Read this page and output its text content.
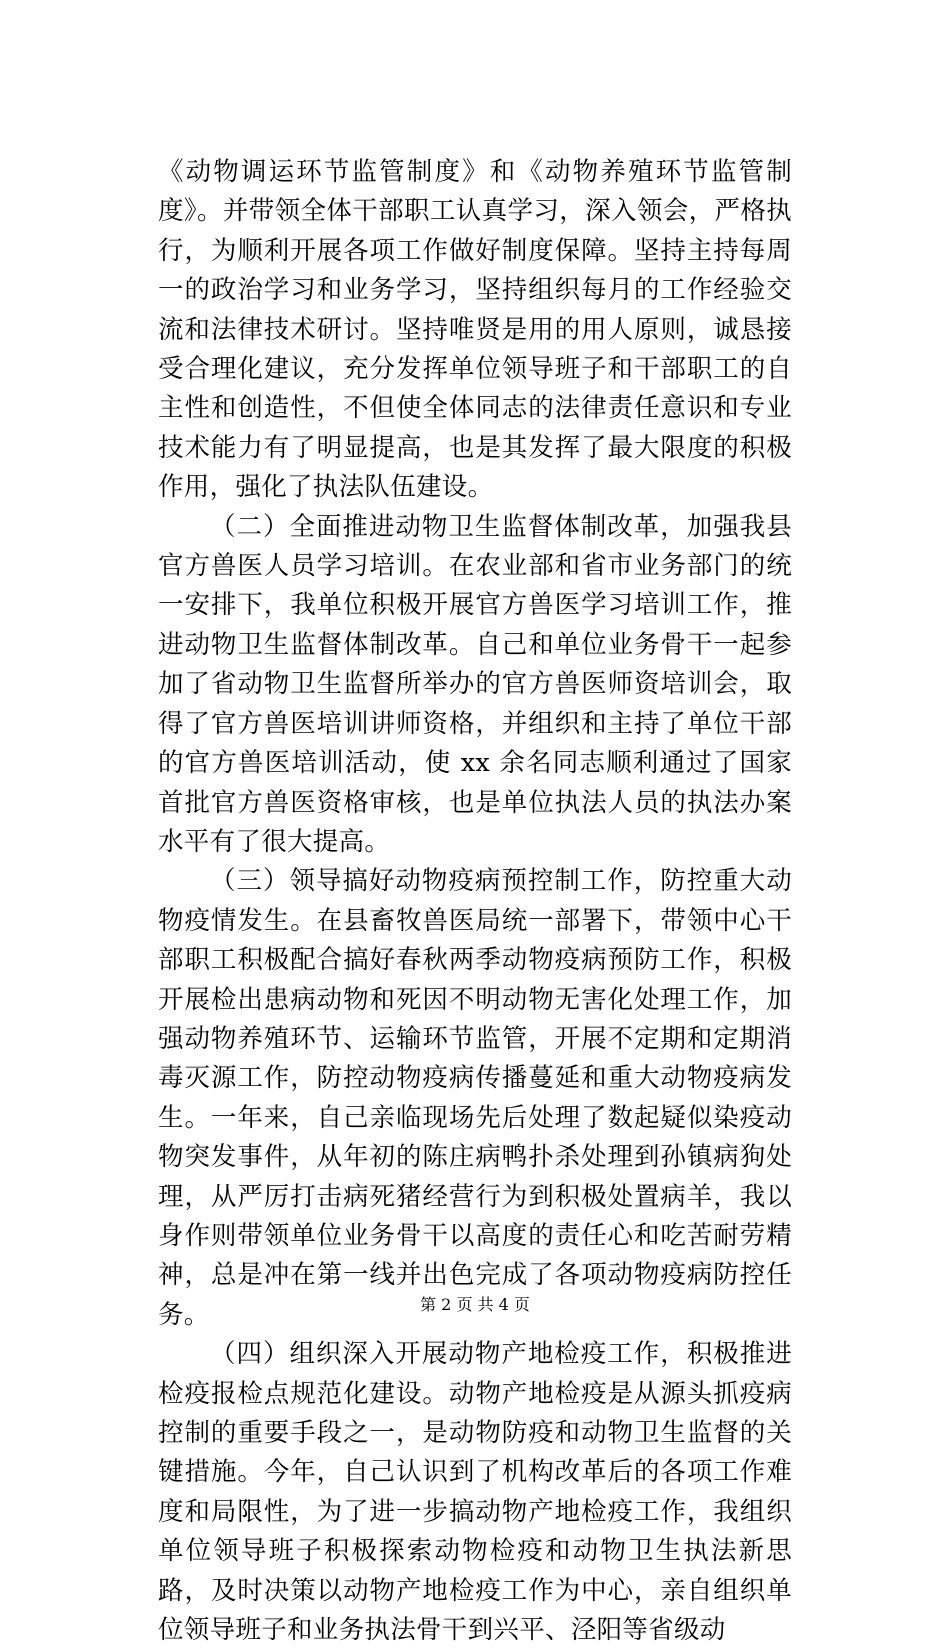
《动物调运环节监管制度》和《动物养殖环节监管制度》。并带领全体干部职工认真学习，深入领会，严格执行，为顺利开展各项工作做好制度保障。坚持主持每周一的政治学习和业务学习，坚持组织每月的工作经验交流和法律技术研讨。坚持唯贤是用的用人原则，诚恳接受合理化建议，充分发挥单位领导班子和干部职工的自主性和创造性，不但使全体同志的法律责任意识和专业技术能力有了明显提高，也是其发挥了最大限度的积极作用，强化了执法队伍建设。

（二）全面推进动物卫生监督体制改革，加强我县官方兽医人员学习培训。在农业部和省市业务部门的统一安排下，我单位积极开展官方兽医学习培训工作，推进动物卫生监督体制改革。自己和单位业务骨干一起参加了省动物卫生监督所举办的官方兽医师资培训会，取得了官方兽医培训讲师资格，并组织和主持了单位干部的官方兽医培训活动，使 xx 余名同志顺利通过了国家首批官方兽医资格审核，也是单位执法人员的执法办案水平有了很大提高。

（三）领导搞好动物疫病预控制工作，防控重大动物疫情发生。在县畜牧兽医局统一部署下，带领中心干部职工积极配合搞好春秋两季动物疫病预防工作，积极开展检出患病动物和死因不明动物无害化处理工作，加强动物养殖环节、运输环节监管，开展不定期和定期消毒灭源工作，防控动物疫病传播蔓延和重大动物疫病发生。一年来，自己亲临现场先后处理了数起疑似染疫动物突发事件，从年初的陈庄病鸭扑杀处理到孙镇病狗处理，从严厉打击病死猪经营行为到积极处置病羊，我以身作则带领单位业务骨干以高度的责任心和吃苦耐劳精神，总是冲在第一线并出色完成了各项动物疫病防控任务。

（四）组织深入开展动物产地检疫工作，积极推进检疫报检点规范化建设。动物产地检疫是从源头抓疫病控制的重要手段之一，是动物防疫和动物卫生监督的关键措施。今年，自己认识到了机构改革后的各项工作难度和局限性，为了进一步搞动物产地检疫工作，我组织单位领导班子积极探索动物检疫和动物卫生执法新思路，及时决策以动物产地检疫工作为中心，亲自组织单位领导班子和业务执法骨干到兴平、泾阳等省级动

第 2 页 共 4 页
